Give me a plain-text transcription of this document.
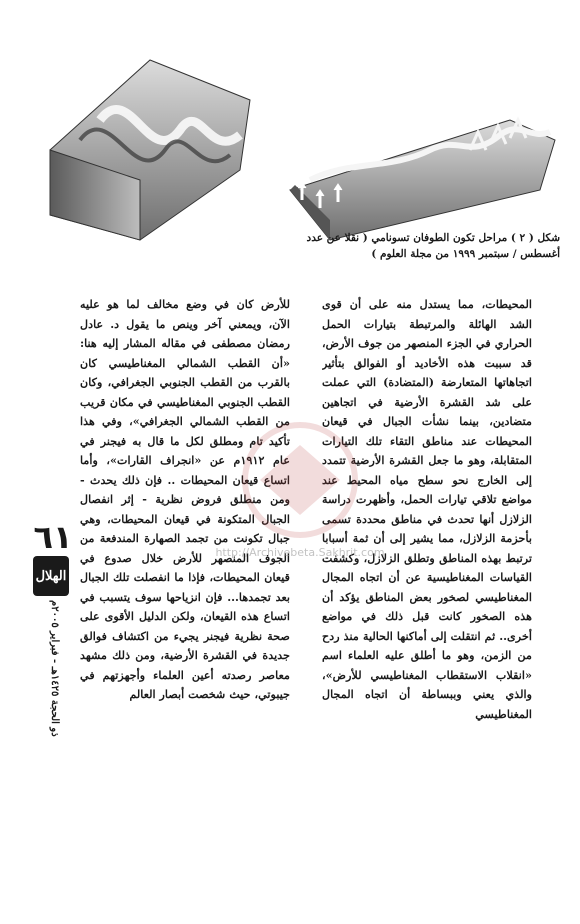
شكل ( ٢ ) مراحل تكون الطوفان تسونامي ( نقلا عن عدد أغسطس / سبتمبر ١٩٩٩ من مجلة العلوم )

المحيطات، مما يستدل منه على أن قوى الشد الهائلة والمرتبطة بتيارات الحمل الحراري في الجزء المنصهر من جوف الأرض، قد سببت هذه الأخاديد أو الفوالق بتأثير اتجاهاتها المتعارضة (المتضادة) التي عملت على شد القشرة الأرضية في اتجاهين متضادين، بينما نشأت الجبال في قيعان المحيطات عند مناطق التقاء تلك التيارات المتقابلة، وهو ما جعل القشرة الأرضية تتمدد إلى الخارج نحو سطح مياه المحيط عند مواضع تلاقي تيارات الحمل، وأظهرت دراسة الزلازل أنها تحدث في مناطق محددة تسمى بأحزمة الزلازل، مما يشير إلى أن ثمة أسبابا ترتبط بهذه المناطق وتطلق الزلازل، وكشفت القياسات المغناطيسية عن أن اتجاه المجال المغناطيسي لصخور بعض المناطق يؤكد أن هذه الصخور كانت قبل ذلك في مواضع أخرى.. ثم انتقلت إلى أماكنها الحالية منذ ردح من الزمن، وهو ما أطلق عليه العلماء اسم «انقلاب الاستقطاب المغناطيسي للأرض»، والذي يعني وببساطة أن اتجاه المجال المغناطيسي

للأرض كان في وضع مخالف لما هو عليه الآن، ويمعني آخر وينص ما يقول د. عادل رمضان مصطفى في مقاله المشار إليه هنا: «أن القطب الشمالي المغناطيسي كان بالقرب من القطب الجنوبي الجغرافي، وكان القطب الجنوبي المغناطيسي في مكان قريب من القطب الشمالي الجغرافي»، وفي هذا تأكيد تام ومطلق لكل ما قال به فيجنر في عام ١٩١٢م عن «انجراف القارات»، وأما اتساع قيعان المحيطات .. فإن ذلك يحدث - ومن منطلق فروض نظرية - إثر انفصال الجبال المتكونة في قيعان المحيطات، وهي جبال تكونت من تجمد الصهارة المندفعة من الجوف المنصهر للأرض خلال صدوع في قيعان المحيطات، فإذا ما انفصلت تلك الجبال بعد تجمدها... فإن انزياحها سوف يتسبب في اتساع هذه القيعان، ولكن الدليل الأقوى على صحة نظرية فيجنر يجيء من اكتشاف فوالق جديدة في القشرة الأرضية، ومن ذلك مشهد معاصر رصدته أعين العلماء وأجهزتهم في جيبوتي، حيث شخصت أبصار العالم

٦١
الهلال
ذو الحجة ١٤٢٥هـ - فبراير ٢٠٠٥م
http://Archivebeta.Sakhrit.com
